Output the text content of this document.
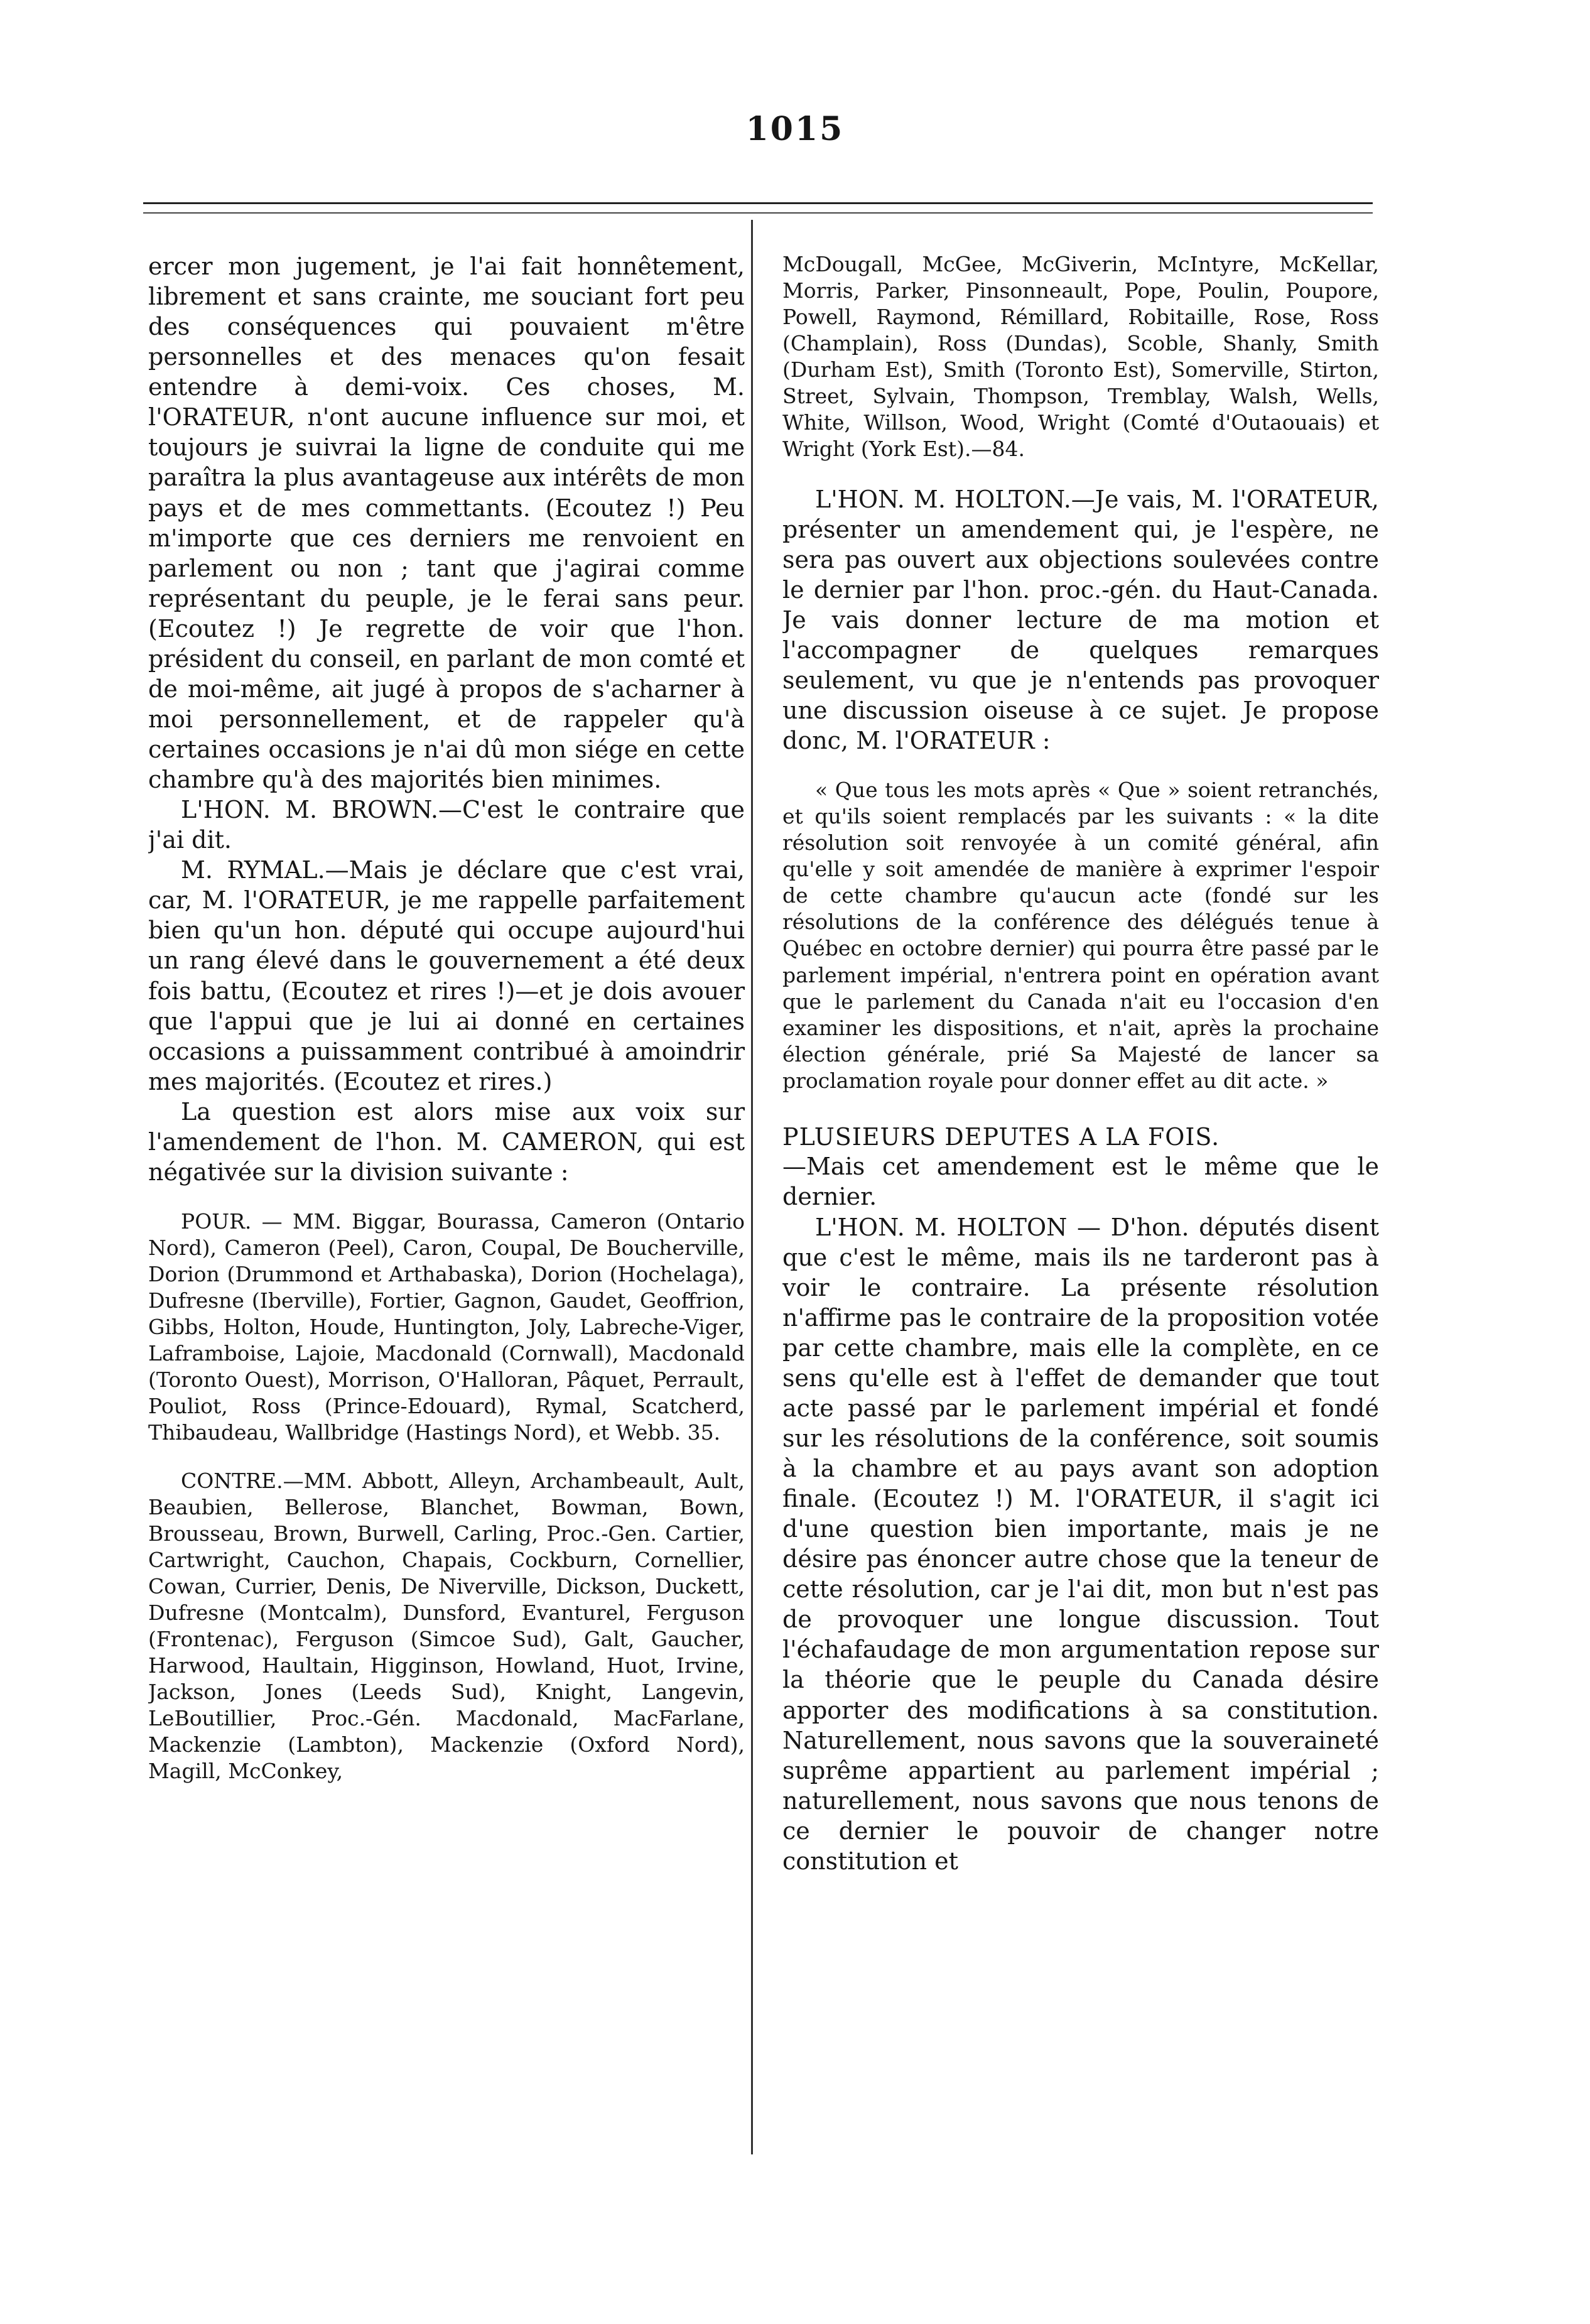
1015

ercer mon jugement, je l'ai fait honnêtement, librement et sans crainte, me souciant fort peu des conséquences qui pouvaient m'être personnelles et des menaces qu'on fesait entendre à demi-voix. Ces choses, M. l'ORATEUR, n'ont aucune influence sur moi, et toujours je suivrai la ligne de conduite qui me paraîtra la plus avantageuse aux intérêts de mon pays et de mes commettants. (Ecoutez !) Peu m'importe que ces derniers me renvoient en parlement ou non ; tant que j'agirai comme représentant du peuple, je le ferai sans peur. (Ecoutez !) Je regrette de voir que l'hon. président du conseil, en parlant de mon comté et de moi-même, ait jugé à propos de s'acharner à moi personnellement, et de rappeler qu'à certaines occasions je n'ai dû mon siége en cette chambre qu'à des majorités bien minimes.

L'HON. M. BROWN.—C'est le contraire que j'ai dit.

M. RYMAL.—Mais je déclare que c'est vrai, car, M. l'ORATEUR, je me rappelle parfaitement bien qu'un hon. député qui occupe aujourd'hui un rang élevé dans le gouvernement a été deux fois battu, (Ecoutez et rires !)—et je dois avouer que l'appui que je lui ai donné en certaines occasions a puissamment contribué à amoindrir mes majorités. (Ecoutez et rires.)

La question est alors mise aux voix sur l'amendement de l'hon. M. CAMERON, qui est négativée sur la division suivante :

POUR. — MM. Biggar, Bourassa, Cameron (Ontario Nord), Cameron (Peel), Caron, Coupal, De Boucherville, Dorion (Drummond et Arthabaska), Dorion (Hochelaga), Dufresne (Iberville), Fortier, Gagnon, Gaudet, Geoffrion, Gibbs, Holton, Houde, Huntington, Joly, Labreche-Viger, Laframboise, Lajoie, Macdonald (Cornwall), Macdonald (Toronto Ouest), Morrison, O'Halloran, Pâquet, Perrault, Pouliot, Ross (Prince-Edouard), Rymal, Scatcherd, Thibaudeau, Wallbridge (Hastings Nord), et Webb. 35.

CONTRE.—MM. Abbott, Alleyn, Archambeault, Ault, Beaubien, Bellerose, Blanchet, Bowman, Bown, Brousseau, Brown, Burwell, Carling, Proc.-Gen. Cartier, Cartwright, Cauchon, Chapais, Cockburn, Cornellier, Cowan, Currier, Denis, De Niverville, Dickson, Duckett, Dufresne (Montcalm), Dunsford, Evanturel, Ferguson (Frontenac), Ferguson (Simcoe Sud), Galt, Gaucher, Harwood, Haultain, Higginson, Howland, Huot, Irvine, Jackson, Jones (Leeds Sud), Knight, Langevin, LeBoutillier, Proc.-Gén. Macdonald, MacFarlane, Mackenzie (Lambton), Mackenzie (Oxford Nord), Magill, McConkey,

McDougall, McGee, McGiverin, McIntyre, McKellar, Morris, Parker, Pinsonneault, Pope, Poulin, Poupore, Powell, Raymond, Rémillard, Robitaille, Rose, Ross (Champlain), Ross (Dundas), Scoble, Shanly, Smith (Durham Est), Smith (Toronto Est), Somerville, Stirton, Street, Sylvain, Thompson, Tremblay, Walsh, Wells, White, Willson, Wood, Wright (Comté d'Outaouais) et Wright (York Est).—84.

L'HON. M. HOLTON.—Je vais, M. l'ORATEUR, présenter un amendement qui, je l'espère, ne sera pas ouvert aux objections soulevées contre le dernier par l'hon. proc.-gén. du Haut-Canada. Je vais donner lecture de ma motion et l'accompagner de quelques remarques seulement, vu que je n'entends pas provoquer une discussion oiseuse à ce sujet. Je propose donc, M. l'ORATEUR :

« Que tous les mots après « Que » soient retranchés, et qu'ils soient remplacés par les suivants : « la dite résolution soit renvoyée à un comité général, afin qu'elle y soit amendée de manière à exprimer l'espoir de cette chambre qu'aucun acte (fondé sur les résolutions de la conférence des délégués tenue à Québec en octobre dernier) qui pourra être passé par le parlement impérial, n'entrera point en opération avant que le parlement du Canada n'ait eu l'occasion d'en examiner les dispositions, et n'ait, après la prochaine élection générale, prié Sa Majesté de lancer sa proclamation royale pour donner effet au dit acte. »

PLUSIEURS DEPUTES A LA FOIS.

—Mais cet amendement est le même que le dernier.

L'HON. M. HOLTON — D'hon. députés disent que c'est le même, mais ils ne tarderont pas à voir le contraire. La présente résolution n'affirme pas le contraire de la proposition votée par cette chambre, mais elle la complète, en ce sens qu'elle est à l'effet de demander que tout acte passé par le parlement impérial et fondé sur les résolutions de la conférence, soit soumis à la chambre et au pays avant son adoption finale. (Ecoutez !) M. l'ORATEUR, il s'agit ici d'une question bien importante, mais je ne désire pas énoncer autre chose que la teneur de cette résolution, car je l'ai dit, mon but n'est pas de provoquer une longue discussion. Tout l'échafaudage de mon argumentation repose sur la théorie que le peuple du Canada désire apporter des modifications à sa constitution. Naturellement, nous savons que la souveraineté suprême appartient au parlement impérial ; naturellement, nous savons que nous tenons de ce dernier le pouvoir de changer notre constitution et
